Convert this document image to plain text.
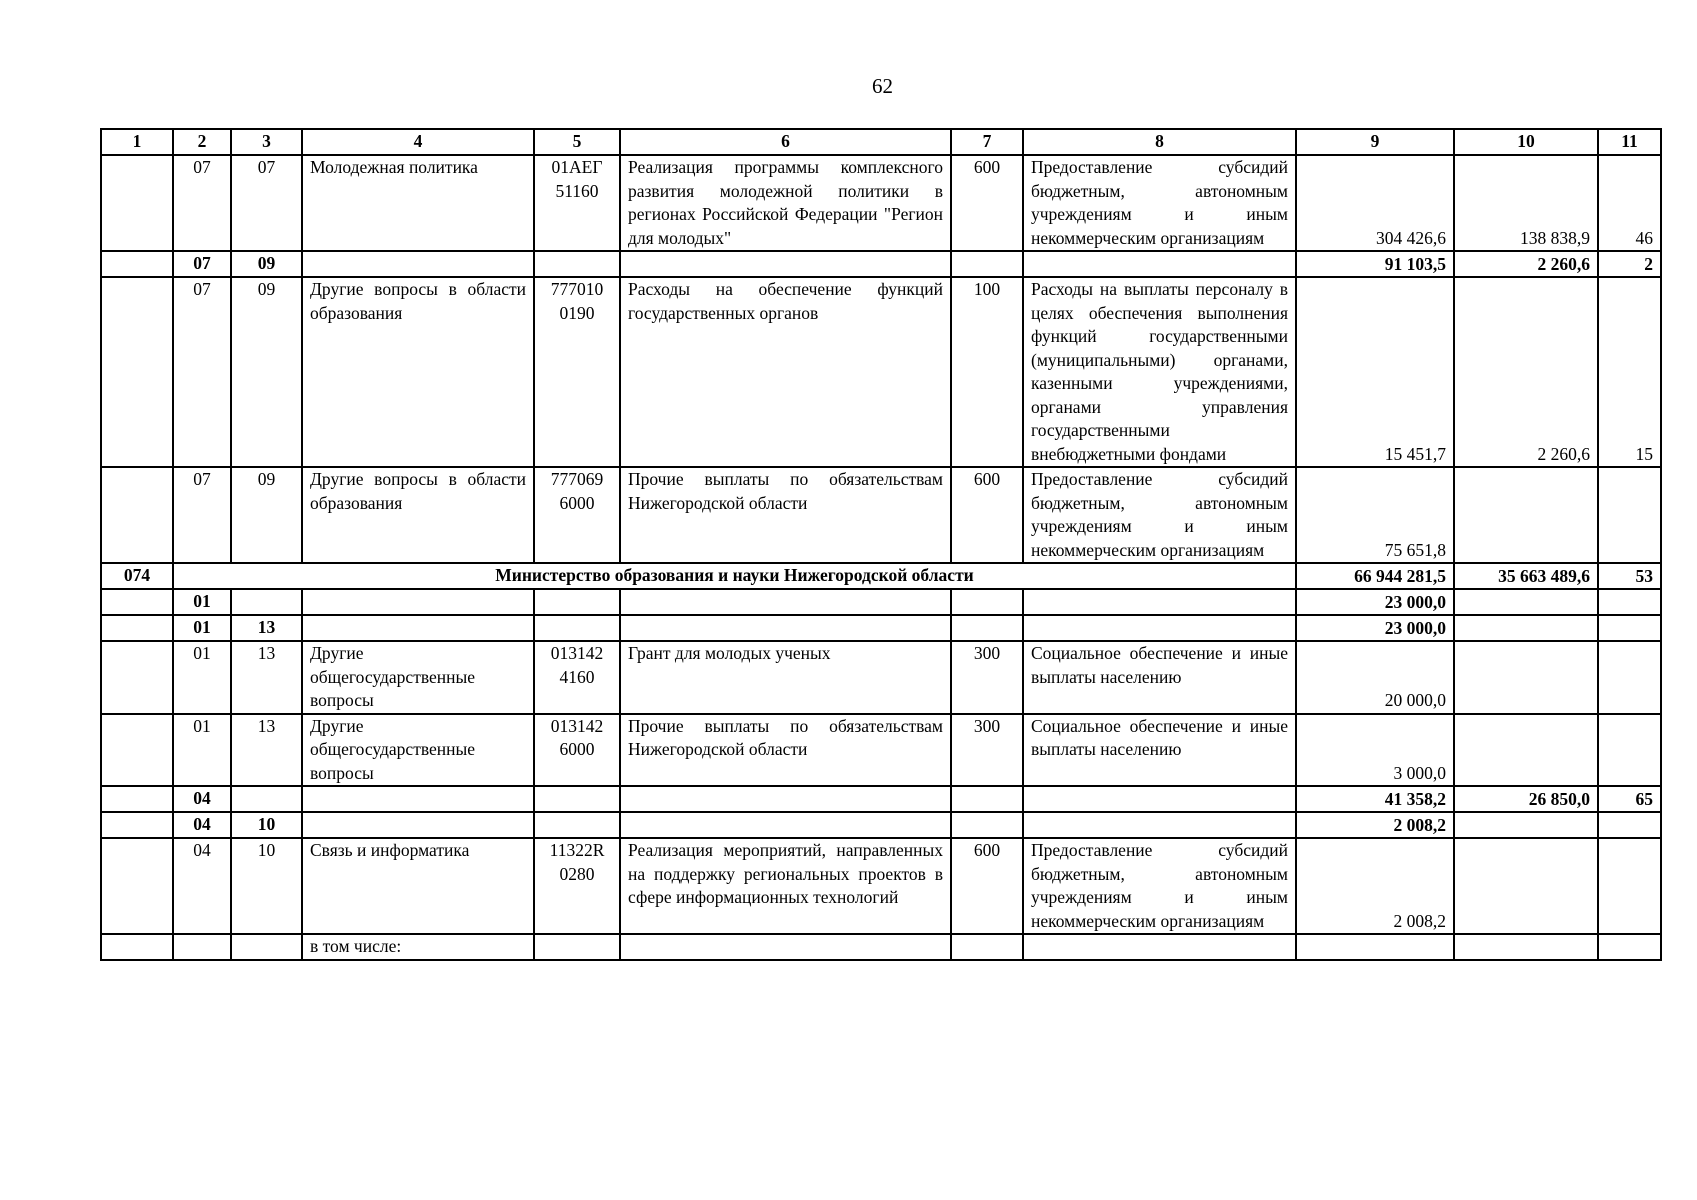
62
1	2	3	4	5	6	7	8	9	10	11
	07	07	Молодежная политика	01АЕГ 51160	Реализация программы комплексного развития молодежной политики в регионах Российской Федерации "Регион для молодых"	600	Предоставление субсидий бюджетным, автономным учреждениям и иным некоммерческим организациям	304 426,6	138 838,9	46
	07	09						91 103,5	2 260,6	2
	07	09	Другие вопросы в области образования	777010 0190	Расходы на обеспечение функций государственных органов	100	Расходы на выплаты персоналу в целях обеспечения выполнения функций государственными (муниципальными) органами, казенными учреждениями, органами управления государственными внебюджетными фондами	15 451,7	2 260,6	15
	07	09	Другие вопросы в области образования	777069 6000	Прочие выплаты по обязательствам Нижегородской области	600	Предоставление субсидий бюджетным, автономным учреждениям и иным некоммерческим организациям	75 651,8		
074	Министерство образования и науки Нижегородской области							66 944 281,5	35 663 489,6	53
	01							23 000,0		
	01	13						23 000,0		
	01	13	Другие общегосударственные вопросы	013142 4160	Грант для молодых ученых	300	Социальное обеспечение и иные выплаты населению	20 000,0		
	01	13	Другие общегосударственные вопросы	013142 6000	Прочие выплаты по обязательствам Нижегородской области	300	Социальное обеспечение и иные выплаты населению	3 000,0		
	04							41 358,2	26 850,0	65
	04	10						2 008,2		
	04	10	Связь и информатика	11322R 0280	Реализация мероприятий, направленных на поддержку региональных проектов в сфере информационных технологий	600	Предоставление субсидий бюджетным, автономным учреждениям и иным некоммерческим организациям	2 008,2		
			в том числе:							
